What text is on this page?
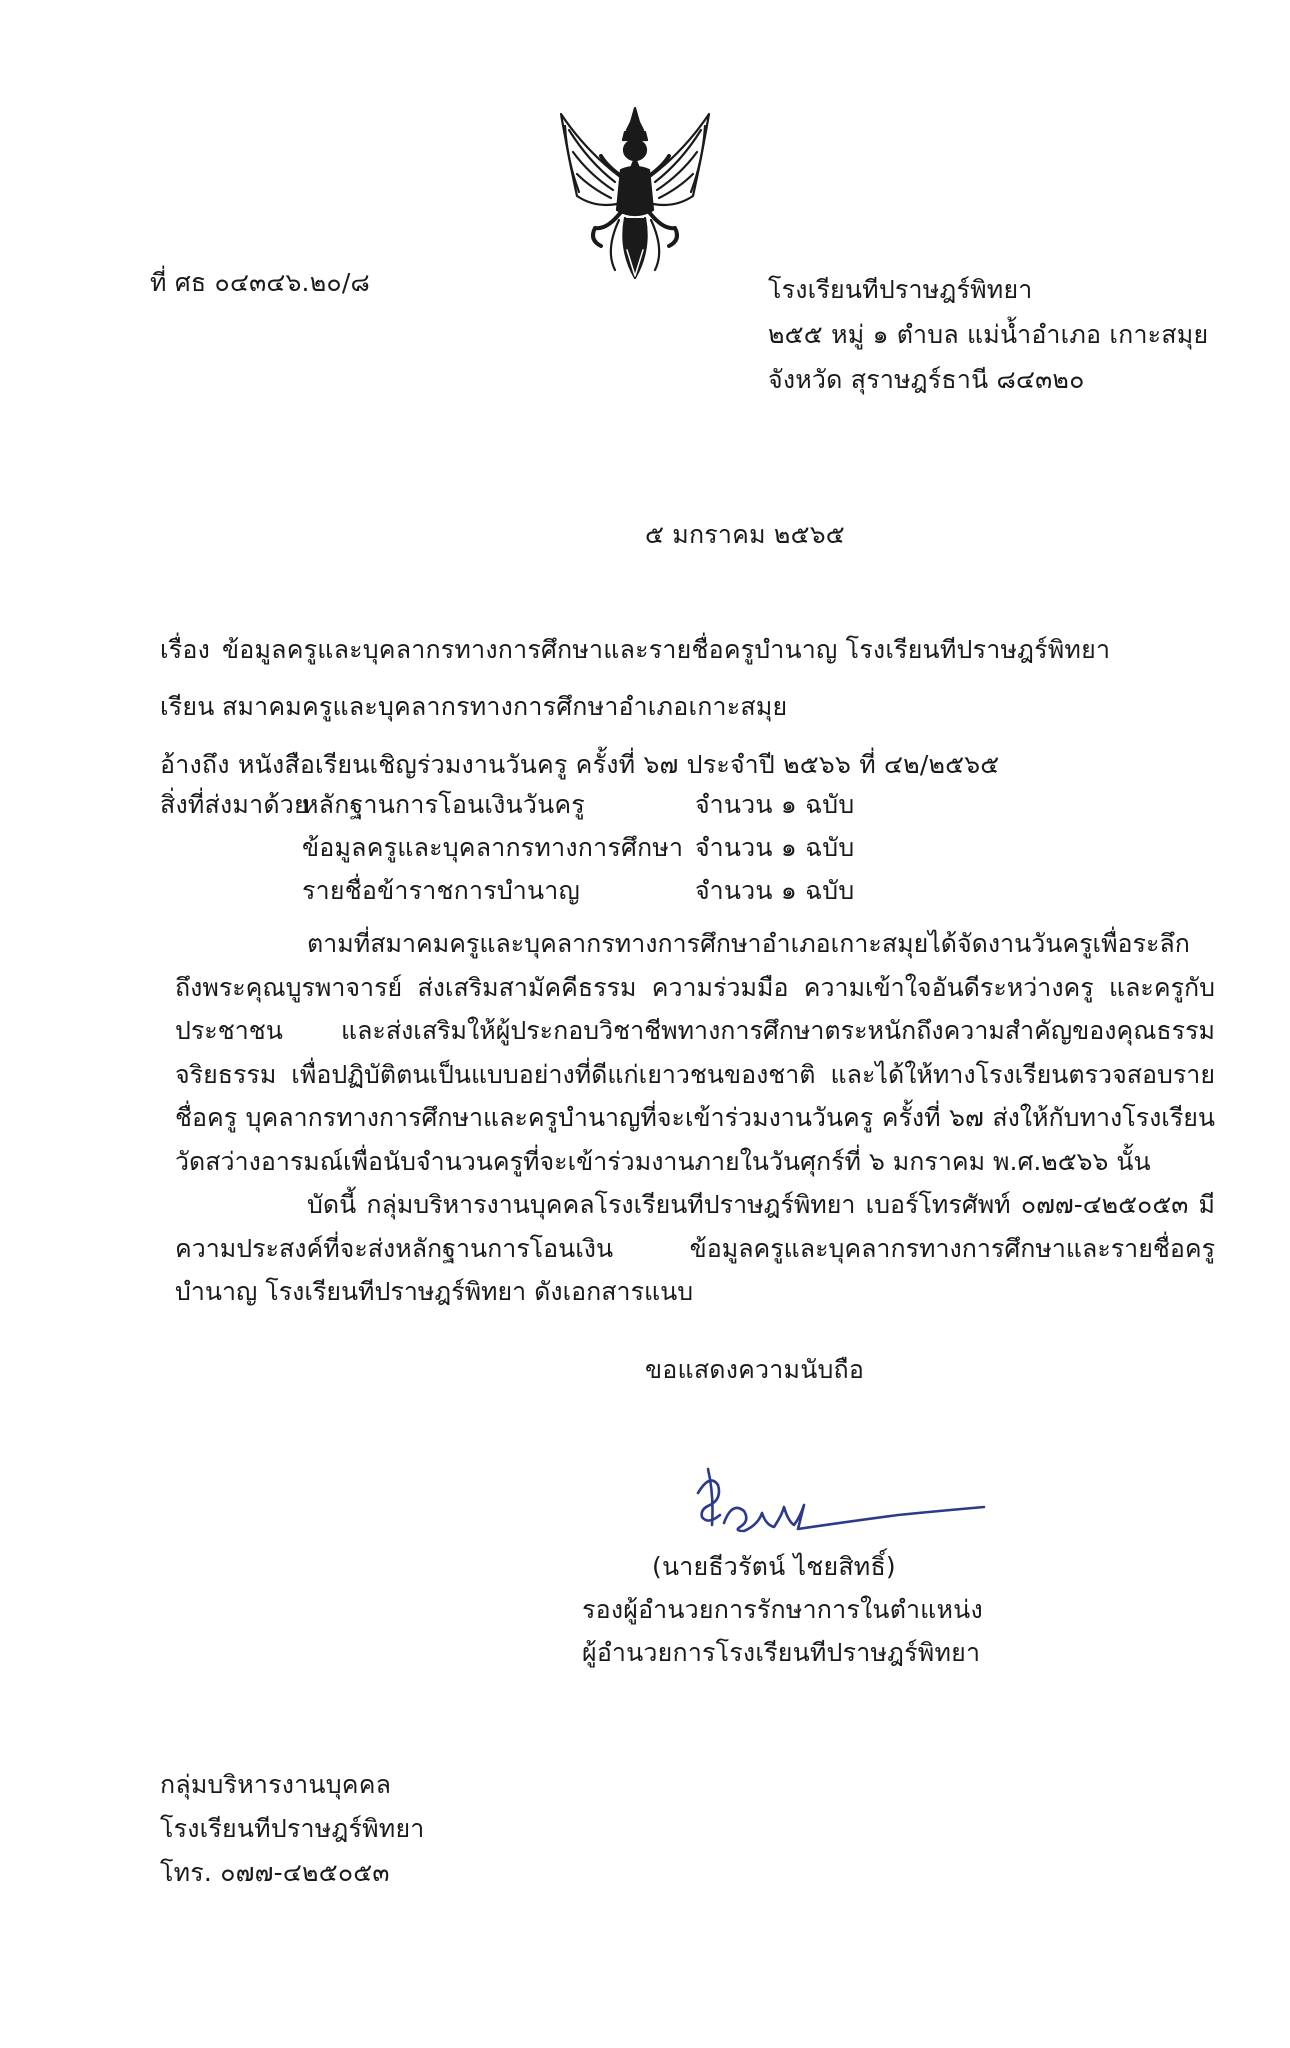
ที่ ศธ ๐๔๓๔๖.๒๐/๘	โรงเรียนทีปราษฎร์พิทยา
๒๕๕ หมู่ ๑ ตำบล แม่น้ำอำเภอ เกาะสมุย
จังหวัด สุราษฎร์ธานี ๘๔๓๒๐
๕ มกราคม ๒๕๖๕
เรื่อง ข้อมูลครูและบุคลากรทางการศึกษาและรายชื่อครูบำนาญ โรงเรียนทีปราษฎร์พิทยา
เรียน สมาคมครูและบุคลากรทางการศึกษาอำเภอเกาะสมุย
อ้างถึง หนังสือเรียนเชิญร่วมงานวันครู ครั้งที่ ๖๗ ประจำปี ๒๕๖๖ ที่ ๔๒/๒๕๖๕
สิ่งที่ส่งมาด้วย
หลักฐานการโอนเงินวันครู	จำนวน ๑ ฉบับ
ข้อมูลครูและบุคลากรทางการศึกษา จำนวน ๑ ฉบับ
รายชื่อข้าราชการบำนาญ	จำนวน ๑ ฉบับ

ตามที่สมาคมครูและบุคลากรทางการศึกษาอำเภอเกาะสมุยได้จัดงานวันครูเพื่อระลึกถึงพระคุณบูรพาจารย์ ส่งเสริมสามัคคีธรรม ความร่วมมือ ความเข้าใจอันดีระหว่างครู และครูกับประชาชน และส่งเสริมให้ผู้ประกอบวิชาชีพทางการศึกษาตระหนักถึงความสำคัญของคุณธรรมจริยธรรม เพื่อปฏิบัติตนเป็นแบบอย่างที่ดีแก่เยาวชนของชาติ และได้ให้ทางโรงเรียนตรวจสอบรายชื่อครู บุคลากรทางการศึกษาและครูบำนาญที่จะเข้าร่วมงานวันครู ครั้งที่ ๖๗ ส่งให้กับทางโรงเรียนวัดสว่างอารมณ์เพื่อนับจำนวนครูที่จะเข้าร่วมงานภายในวันศุกร์ที่ ๖ มกราคม พ.ศ.๒๕๖๖ นั้น

บัดนี้ กลุ่มบริหารงานบุคคลโรงเรียนทีปราษฎร์พิทยา เบอร์โทรศัพท์ ๐๗๗-๔๒๕๐๕๓ มีความประสงค์ที่จะส่งหลักฐานการโอนเงิน ข้อมูลครูและบุคลากรทางการศึกษาและรายชื่อครูบำนาญ โรงเรียนทีปราษฎร์พิทยา ดังเอกสารแนบ

ขอแสดงความนับถือ
(นายธีวรัตน์ ไชยสิทธิ์)
รองผู้อำนวยการรักษาการในตำแหน่ง
ผู้อำนวยการโรงเรียนทีปราษฎร์พิทยา
กลุ่มบริหารงานบุคคล
โรงเรียนทีปราษฎร์พิทยา
โทร. ๐๗๗-๔๒๕๐๕๓
